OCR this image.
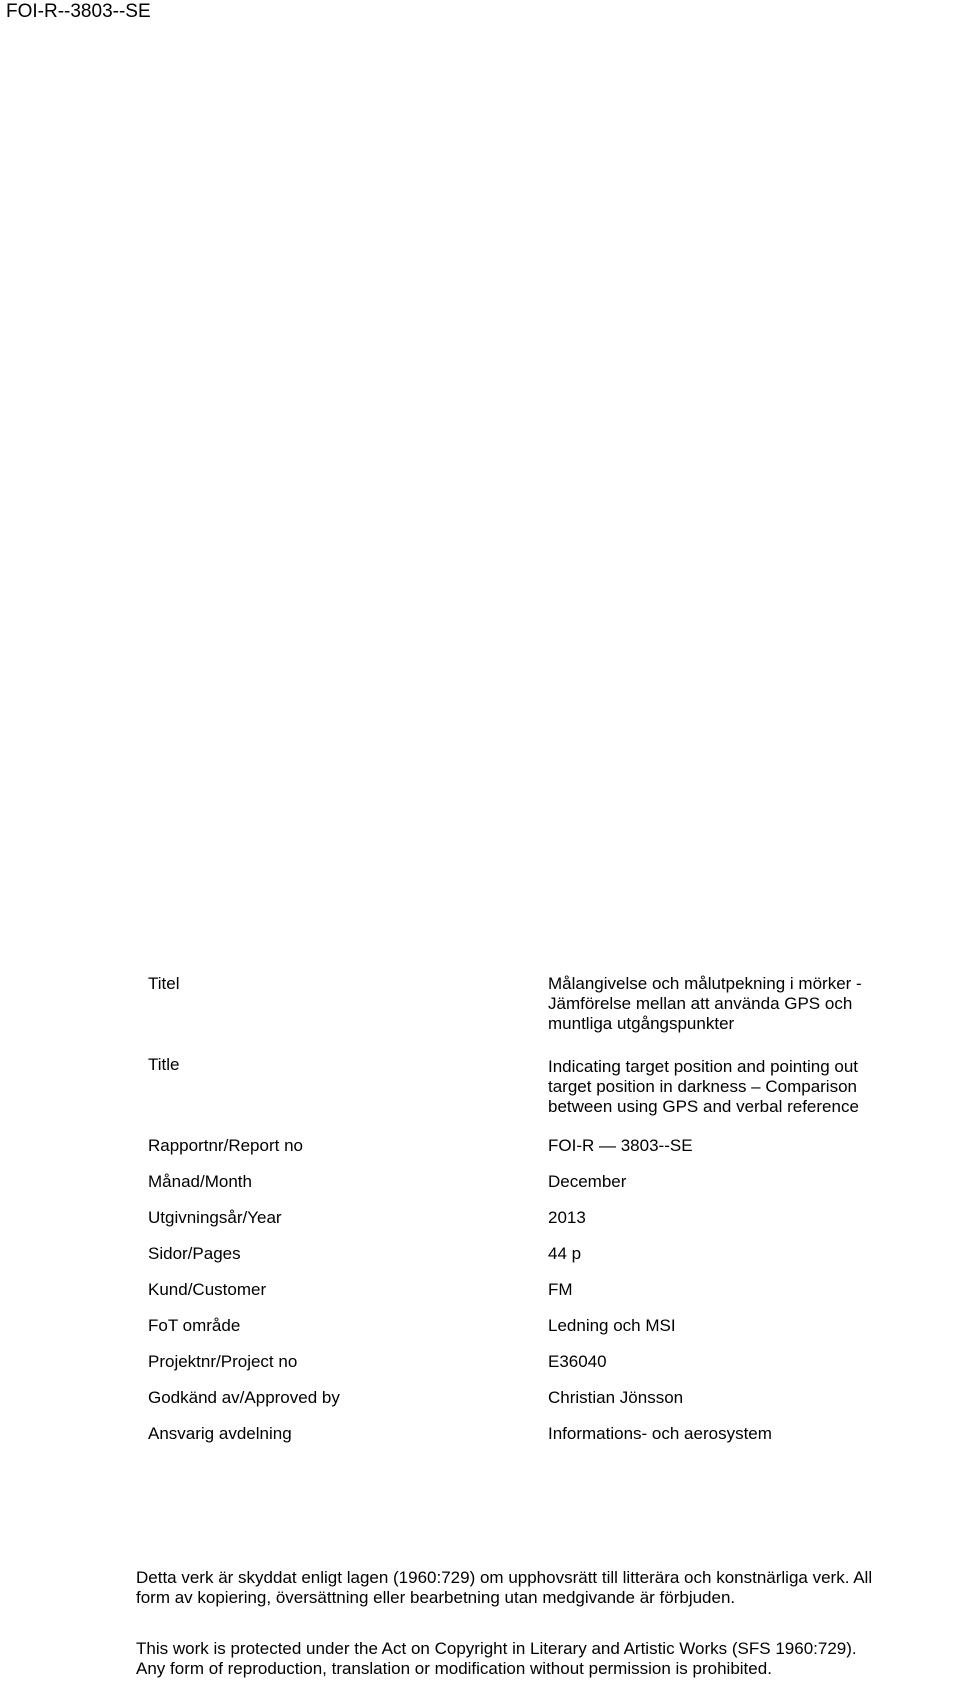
FOI-R--3803--SE
Titel	Målangivelse och målutpekning i mörker -
Jämförelse mellan att använda GPS och
muntliga utgångspunkter
Title	Indicating target position and pointing out
target position in darkness – Comparison
between using GPS and verbal reference
Rapportnr/Report no	FOI-R — 3803--SE
Månad/Month	December
Utgivningsår/Year	2013
Sidor/Pages	44 p
Kund/Customer	FM
FoT område	Ledning och MSI
Projektnr/Project no	E36040
Godkänd av/Approved by	Christian Jönsson
Ansvarig avdelning	Informations- och aerosystem
Detta verk är skyddat enligt lagen (1960:729) om upphovsrätt till litterära och konstnärliga verk. All
form av kopiering, översättning eller bearbetning utan medgivande är förbjuden.
This work is protected under the Act on Copyright in Literary and Artistic Works (SFS 1960:729).
Any form of reproduction, translation or modification without permission is prohibited.
